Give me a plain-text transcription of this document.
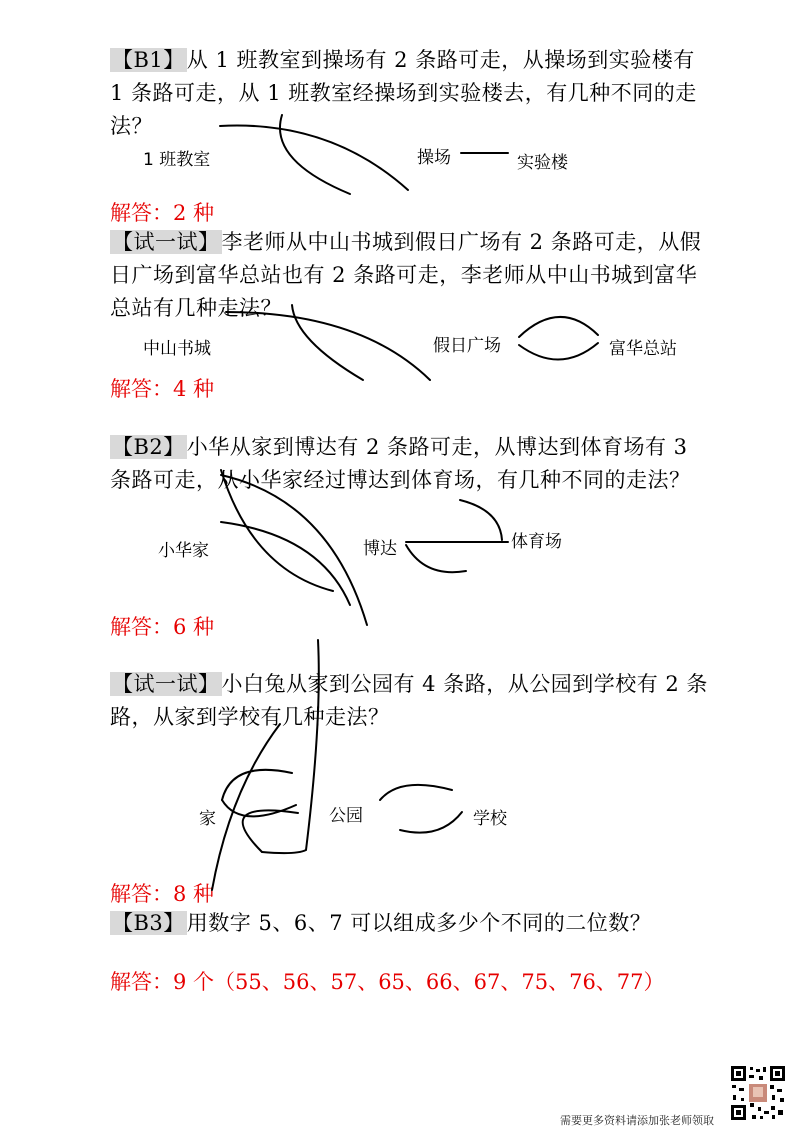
【B1】从 1 班教室到操场有 2 条路可走，从操场到实验楼有 1 条路可走，从 1 班教室经操场到实验楼去，有几种不同的走法？

1 班教室	操场	实验楼

解答：2 种

【试一试】李老师从中山书城到假日广场有 2 条路可走，从假日广场到富华总站也有 2 条路可走，李老师从中山书城到富华总站有几种走法？

中山书城	假日广场	富华总站

解答：4 种

【B2】小华从家到博达有 2 条路可走，从博达到体育场有 3 条路可走，从小华家经过博达到体育场，有几种不同的走法？

小华家	博达	体育场

解答：6 种

【试一试】小白兔从家到公园有 4 条路，从公园到学校有 2 条路，从家到学校有几种走法？

家	公园	学校

解答：8 种

【B3】用数字 5、6、7 可以组成多少个不同的二位数？

解答：9 个（55、56、57、65、66、67、75、76、77）

需要更多资料请添加张老师领取
